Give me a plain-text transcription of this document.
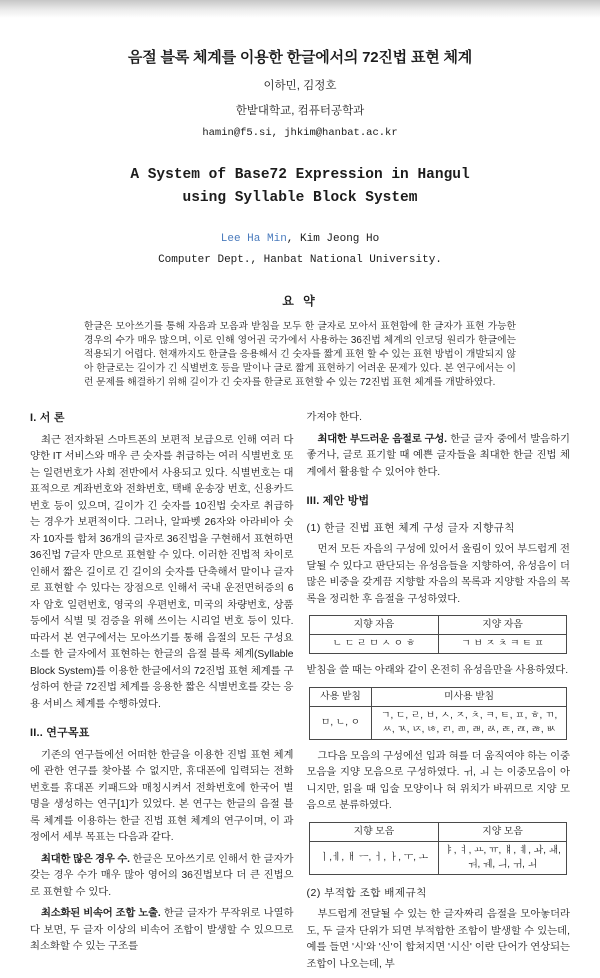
음절 블록 체계를 이용한 한글에서의 72진법 표현 체계
이하민, 김정호
한밭대학교, 컴퓨터공학과
hamin@f5.si, jhkim@hanbat.ac.kr
A System of Base72 Expression in Hangul
using Syllable Block System
Lee Ha Min, Kim Jeong Ho
Computer Dept., Hanbat National University.
요 약
한글은 모아쓰기를 통해 자음과 모음과 받침을 모두 한 글자로 모아서 표현함에 한 글자가 표현 가능한 경우의 수가 매우 많으며, 이로 인해 영어권 국가에서 사용하는 36진법 체계의 인코딩 원리가 한글에는 적용되기 어렵다. 현재까지도 한글을 응용해서 긴 숫자를 짧게 표현 할 수 있는 표현 방법이 개발되지 않아 한글로는 길이가 긴 식별번호 등을 말이나 글로 짧게 표현하기 어려운 문제가 있다. 본 연구에서는 이런 문제를 해결하기 위해 길이가 긴 숫자를 한글로 표현할 수 있는 72진법 표현 체계를 개발하였다.
I. 서 론

최근 전자화된 스마트폰의 보편적 보급으로 인해 여러 다양한 IT 서비스와 매우 큰 숫자를 취급하는 여러 식별번호 또는 일련번호가 사회 전반에서 사용되고 있다. 식별번호는 대표적으로 계좌번호와 전화번호, 택배 운송장 번호, 신용카드 번호 등이 있으며, 길이가 긴 숫자를 10진법 숫자로 취급하는 경우가 보편적이다. 그러나, 알파벳 26자와 아라비아 숫자 10자를 합쳐 36개의 글자로 36진법을 구현해서 표현하면 36진법 7글자 만으로 표현할 수 있다. 이러한 진법적 차이로 인해서 짧은 길이로 긴 길이의 숫자를 단축해서 말이나 글자로 표현할 수 있다는 장점으로 인해서 국내 운전면허증의 6자 암호 일련번호, 영국의 우편번호, 미국의 차량번호, 상품 등에서 식별 및 검증을 위해 쓰이는 시리얼 번호 등이 있다. 따라서 본 연구에서는 모아쓰기를 통해 음절의 모든 구성요소를 한 글자에서 표현하는 한글의 음절 블록 체계(Syllable Block System)를 이용한 한글에서의 72진법 표현 체계를 구성하여 한글 72진법 체계를 응용한 짧은 식별번호를 갖는 응용 서비스 체계를 수행하였다.

II.. 연구목표

기존의 연구들에선 어떠한 한글을 이용한 진법 표현 체계에 관한 연구를 찾아볼 수 없지만, 휴대폰에 입력되는 전화번호를 휴대폰 키패드와 매칭시켜서 전화번호에 한국어 별명을 생성하는 연구[1]가 있었다. 본 연구는 한글의 음절 블록 체계를 이용하는 한글 진법 표현 체계의 연구이며, 이 과정에서 세부 목표는 다음과 같다.

최대한 많은 경우 수. 한글은 모아쓰기로 인해서 한 글자가 갖는 경우 수가 매우 많아 영어의 36진법보다 더 큰 진법으로 표현할 수 있다.

최소화된 비속어 조합 노출. 한글 글자가 무작위로 나열하다 보면, 두 글자 이상의 비속어 조합이 발생할 수 있으므로 최소화할 수 있는 구조를

가져야 한다.

최대한 부드러운 음절로 구성. 한글 글자 중에서 발음하기 좋거나, 글로 표기할 때 예쁜 글자들을 최대한 한글 진법 체계에서 활용할 수 있어야 한다.

III. 제안 방법
(1) 한글 진법 표현 체계 구성 글자 지향규칙

먼저 모든 자음의 구성에 있어서 울림이 있어 부드럽게 전달될 수 있다고 판단되는 유성음들을 지향하여, 유성음이 더 많은 비중을 갖게끔 지향할 자음의 목록과 지양할 자음의 목록을 정리한 후 음절을 구성하였다.

지향 자음	지양 자음
ㄴ ㄷ ㄹ ㅁ ㅅ ㅇ ㅎ	ㄱ ㅂ ㅈ ㅊ ㅋ ㅌ ㅍ

받침을 쓸 때는 아래와 같이 온전히 유성음만을 사용하였다.

사용 받침	미사용 받침
ㅁ, ㄴ, ㅇ	ㄱ, ㄷ, ㄹ, ㅂ, ㅅ, ㅈ, ㅊ, ㅋ, ㅌ, ㅍ, ㅎ, ㄲ, ㅆ, ㄳ, ㄵ, ㄶ, ㄺ, ㄻ, ㄼ, ㄽ, ㄾ, ㄿ, ㅀ, ㅄ

그다음 모음의 구성에선 입과 혀를 더 움직여야 하는 이중모음을 지양 모음으로 구성하였다. ㅟ, ㅚ 는 이중모음이 아니지만, 읽을 때 입술 모양이나 혀 위치가 바뀌므로 지양 모음으로 분류하였다.

지향 모음	지양 모음
ㅣ,ㅔ, ㅐ ㅡ, ㅓ, ㅏ, ㅜ, ㅗ	ㅑ, ㅕ, ㅛ, ㅠ, ㅒ, ㅖ, ㅘ, ㅙ, ㅝ, ㅞ, ㅢ, ㅟ, ㅚ
(2) 부적합 조합 배제규칙

부드럽게 전달될 수 있는 한 글자짜리 음절을 모아놓더라도, 두 글자 단위가 되면 부적합한 조합이 발생할 수 있는데, 예를 들면 '시'와 '신'이 합쳐지면 '시신' 이란 단어가 연상되는 조합이 나오는데, 부
